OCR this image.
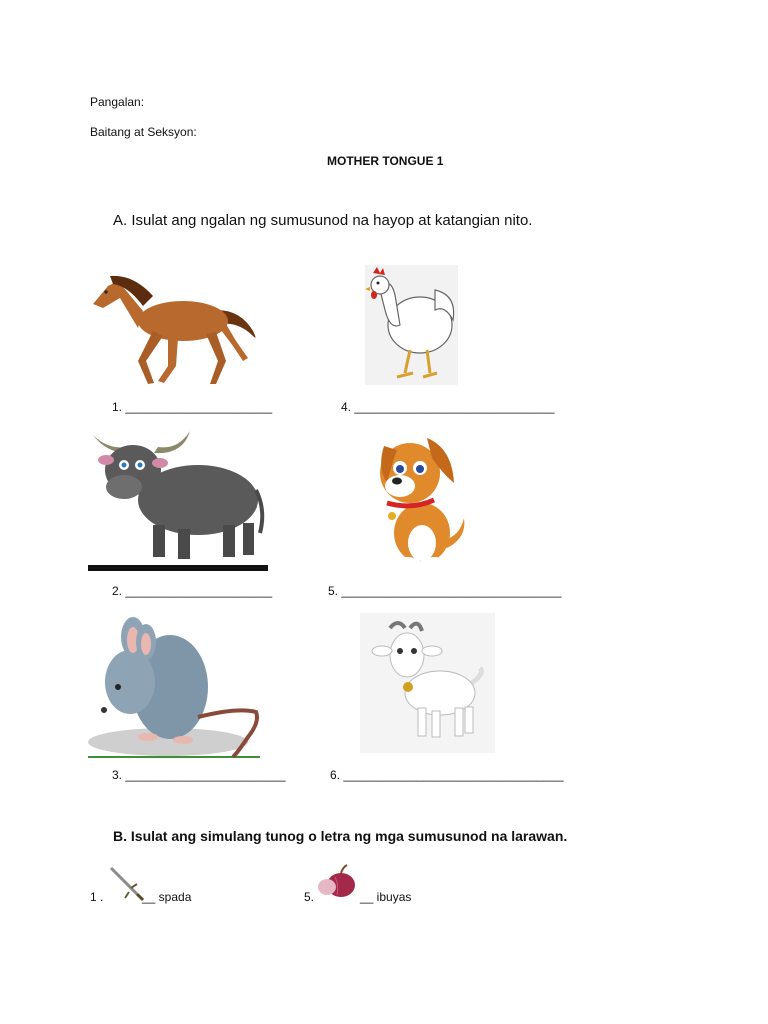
Pangalan:
Baitang at Seksyon:
MOTHER TONGUE 1
A. Isulat ang ngalan ng sumusunod na hayop at katangian nito.
1. ______________________	4. ______________________________
2. ______________________	5. _________________________________
3. ________________________	6. _________________________________
B. Isulat ang simulang tunog o letra ng mga sumusunod na larawan.
1 .	__ spada	5.	__ ibuyas
